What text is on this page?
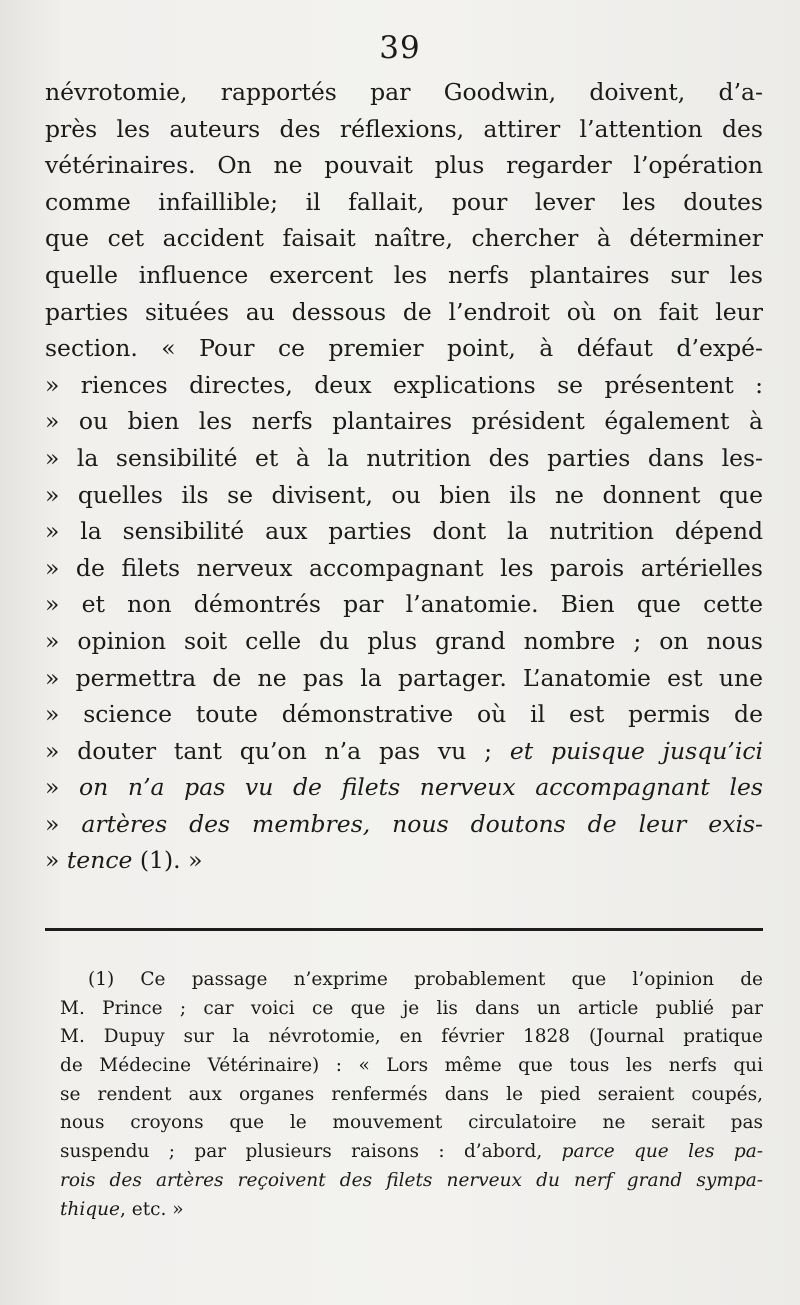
39
névrotomie, rapportés par Goodwin, doivent, d’a-
près les auteurs des réflexions, attirer l’attention des
vétérinaires. On ne pouvait plus regarder l’opération
comme infaillible; il fallait, pour lever les doutes
que cet accident faisait naître, chercher à déterminer
quelle influence exercent les nerfs plantaires sur les
parties situées au dessous de l’endroit où on fait leur
section. « Pour ce premier point, à défaut d’expé-
» riences directes, deux explications se présentent :
» ou bien les nerfs plantaires président également à
» la sensibilité et à la nutrition des parties dans les-
» quelles ils se divisent, ou bien ils ne donnent que
» la sensibilité aux parties dont la nutrition dépend
» de filets nerveux accompagnant les parois artérielles
» et non démontrés par l’anatomie. Bien que cette
» opinion soit celle du plus grand nombre ; on nous
» permettra de ne pas la partager. L’anatomie est une
» science toute démonstrative où il est permis de
» douter tant qu’on n’a pas vu ; et puisque jusqu’ici
» on n’a pas vu de filets nerveux accompagnant les
» artères des membres, nous doutons de leur exis-
» tence (1). »
(1) Ce passage n’exprime probablement que l’opinion de
M. Prince ; car voici ce que je lis dans un article publié par
M. Dupuy sur la névrotomie, en février 1828 (Journal pratique
de Médecine Vétérinaire) : « Lors même que tous les nerfs qui
se rendent aux organes renfermés dans le pied seraient coupés,
nous croyons que le mouvement circulatoire ne serait pas
suspendu ; par plusieurs raisons : d’abord, parce que les pa-
rois des artères reçoivent des filets nerveux du nerf grand sympa-
thique, etc. »
